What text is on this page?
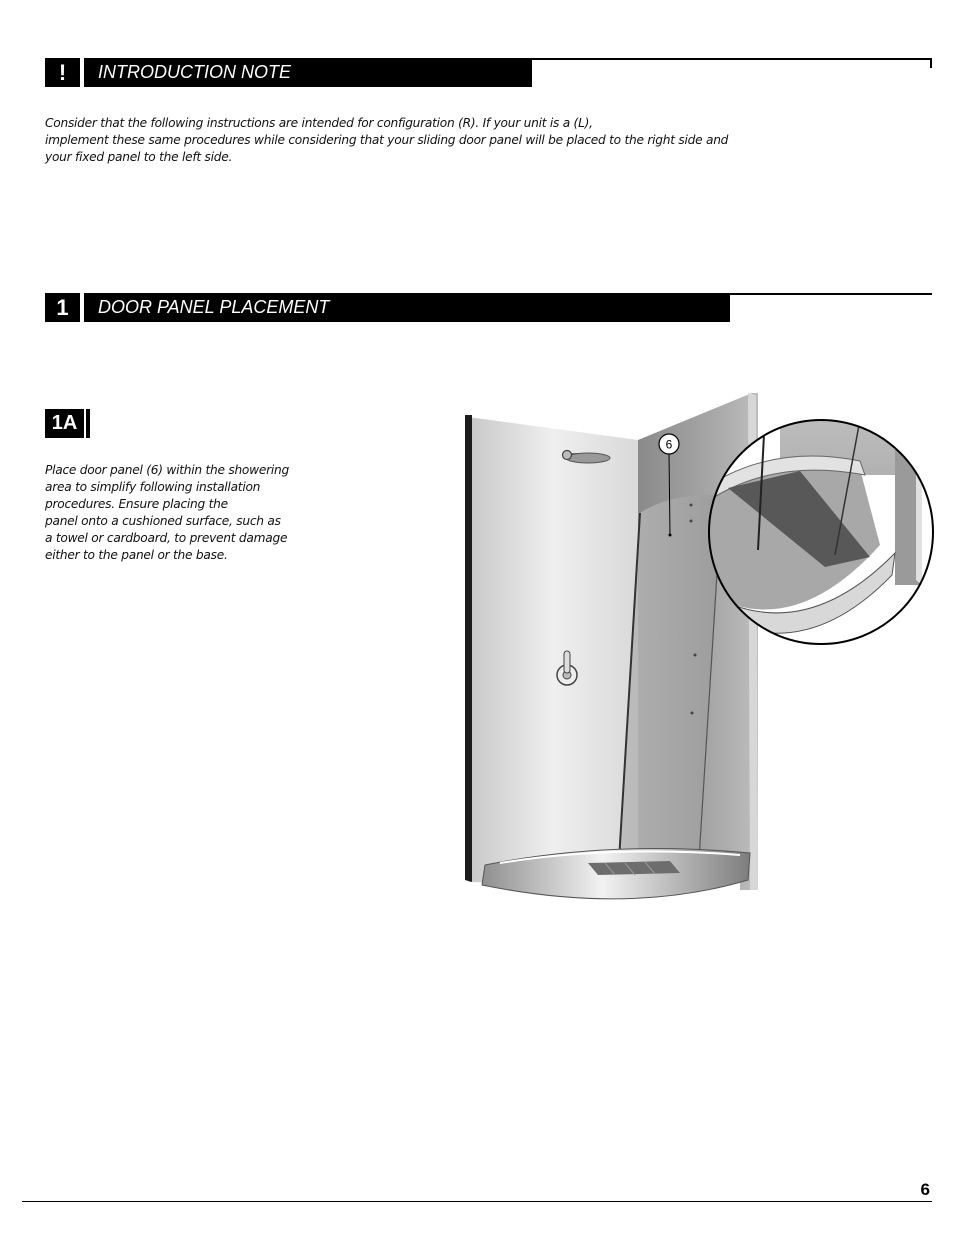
!	INTRODUCTION NOTE

Consider that the following instructions are intended for configuration (R). If your unit is a (L),

implement these same procedures while considering that your sliding door panel will be placed to the right side and

your fixed panel to the left side.

1	DOOR PANEL PLACEMENT
1A

Place door panel (6) within the showering

area to simplify following installation

procedures. Ensure placing the

panel onto a cushioned surface, such as

a towel or cardboard, to prevent damage

either to the panel or the base.

6
6
